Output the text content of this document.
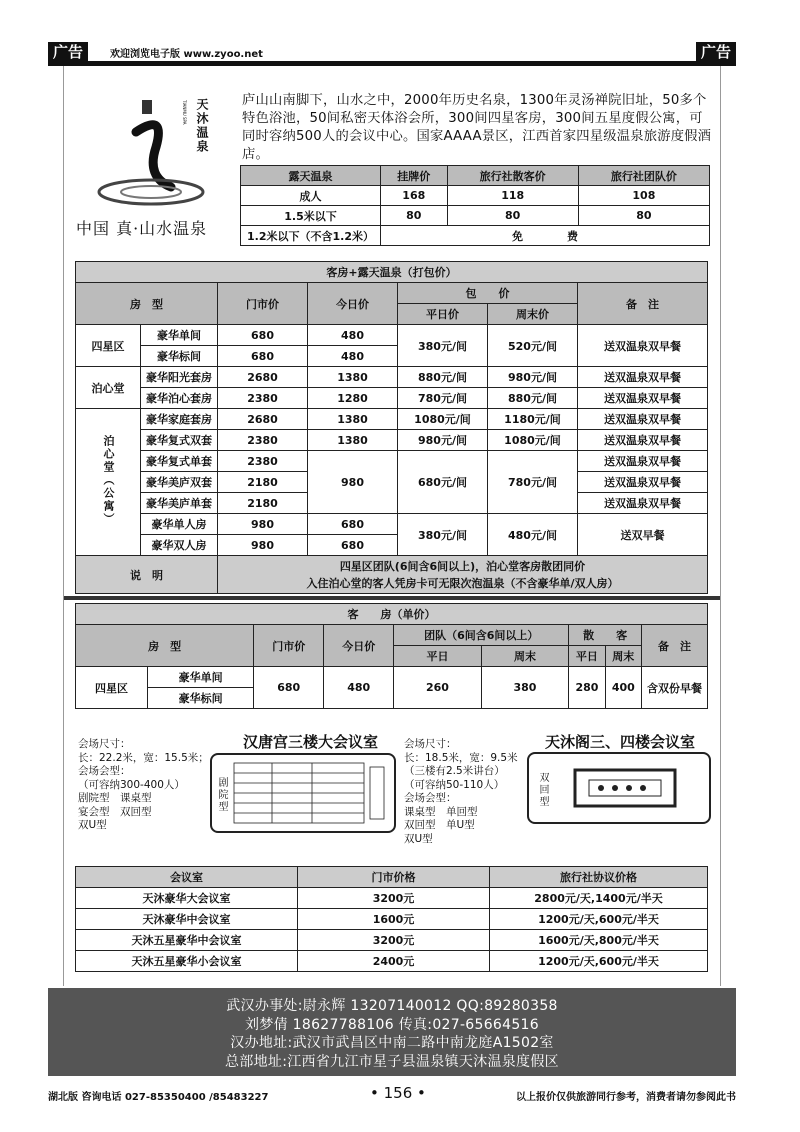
广告	欢迎浏览电子版 www.zyoo.net	广告
天沐温泉
TIANMU SPA
中国 真·山水温泉
庐山山南脚下，山水之中，2000年历史名泉，1300年灵汤禅院旧址，50多个特色浴池，50间私密天体浴会所，300间四星客房，300间五星度假公寓，可同时容纳500人的会议中心。国家AAAA景区，江西首家四星级温泉旅游度假酒店。
露天温泉	挂牌价	旅行社散客价	旅行社团队价
成人	168	118	108
1.5米以下	80	80	80
1.2米以下（不含1.2米）	免　　　　费		
客房+露天温泉（打包价）						
房　型		门市价	今日价	包　　价		备　注
				平日价	周末价	
四星区	豪华单间	680	480	380元/间	520元/间	送双温泉双早餐
	豪华标间	680	480			
泊心堂	豪华阳光套房	2680	1380	880元/间	980元/间	送双温泉双早餐
	豪华泊心套房	2380	1280	780元/间	880元/间	送双温泉双早餐
泊心堂（公寓）	豪华家庭套房	2680	1380	1080元/间	1180元/间	送双温泉双早餐
	豪华复式双套	2380	1380	980元/间	1080元/间	送双温泉双早餐
	豪华复式单套	2380	980	680元/间	780元/间	送双温泉双早餐
	豪华美庐双套	2180				送双温泉双早餐
	豪华美庐单套	2180				送双温泉双早餐
	豪华单人房	980	680	380元/间	480元/间	送双早餐
	豪华双人房	980	680			
说　明		四星区团队(6间含6间以上)，泊心堂客房散团同价
入住泊心堂的客人凭房卡可无限次泡温泉（不含豪华单/双人房）				
客　　房（单价）								
房　型		门市价	今日价	团队（6间含6间以上）		散　　客		备　注
				平日	周末	平日	周末	
四星区	豪华单间	680	480	260	380	280	400	含双份早餐
	豪华标间							
会场尺寸：
长：22.2米，宽：15.5米；
会场会型：
（可容纳300-400人）
剧院型　课桌型
宴会型　双回型
双U型
汉唐宫三楼大会议室
剧院型
会场尺寸：
长：18.5米，宽：9.5米
（三楼有2.5米讲台）
（可容纳50-110人）
会场会型：
课桌型　单回型
双回型　单U型
双U型
天沐阁三、四楼会议室
双回型
会议室	门市价格	旅行社协议价格
天沐豪华大会议室	3200元	2800元/天,1400元/半天
天沐豪华中会议室	1600元	1200元/天,600元/半天
天沐五星豪华中会议室	3200元	1600元/天,800元/半天
天沐五星豪华小会议室	2400元	1200元/天,600元/半天
武汉办事处:尉永辉 13207140012 QQ:89280358
刘梦倩 18627788106 传真:027-65664516
汉办地址:武汉市武昌区中南二路中南龙庭A1502室
总部地址:江西省九江市星子县温泉镇天沐温泉度假区
湖北版 咨询电话 027-85350400 /85483227	• 156 •	以上报价仅供旅游同行参考，消费者请勿参阅此书
